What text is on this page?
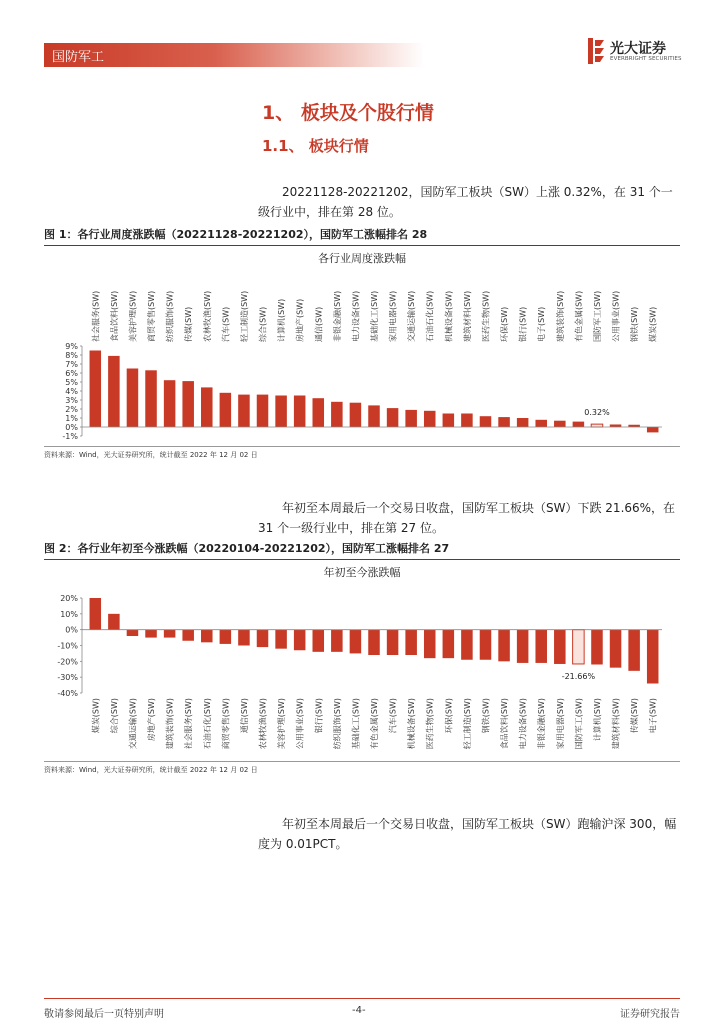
国防军工
光大证券
EVERBRIGHT SECURITIES
1、 板块及个股行情
1.1、 板块行情
20221128-20221202，国防军工板块（SW）上涨 0.32%，在 31 个一级行业中，排在第 28 位。
图 1：各行业周度涨跌幅（20221128-20221202），国防军工涨幅排名 28
各行业周度涨跌幅
9%
8%
7%
6%
5%
4%
3%
2%
1%
0%
-1%
社会服务(SW) 食品饮料(SW) 美容护理(SW) 商贸零售(SW) 纺织服饰(SW) 传媒(SW) 农林牧渔(SW) 汽车(SW) 轻工制造(SW) 综合(SW) 计算机(SW) 房地产(SW) 通信(SW) 非银金融(SW) 电力设备(SW) 基础化工(SW) 家用电器(SW) 交通运输(SW) 石油石化(SW) 机械设备(SW) 建筑材料(SW) 医药生物(SW) 环保(SW) 银行(SW) 电子(SW) 建筑装饰(SW) 有色金属(SW) 国防军工(SW)
0.32%
公用事业(SW) 钢铁(SW) 煤炭(SW)
资料来源：Wind，光大证券研究所，统计截至 2022 年 12 月 02 日
年初至本周最后一个交易日收盘，国防军工板块（SW）下跌 21.66%，在 31 个一级行业中，排在第 27 位。
图 2：各行业年初至今涨跌幅（20220104-20221202），国防军工涨幅排名 27
年初至今涨跌幅
20%
10%
0%
-10%
-20%
-30%
-40%
煤炭(SW) 综合(SW) 交通运输(SW) 房地产(SW) 建筑装饰(SW) 社会服务(SW) 石油石化(SW) 商贸零售(SW) 通信(SW) 农林牧渔(SW) 美容护理(SW) 公用事业(SW) 银行(SW) 纺织服饰(SW) 基础化工(SW) 有色金属(SW) 汽车(SW) 机械设备(SW) 医药生物(SW) 环保(SW) 轻工制造(SW) 钢铁(SW) 食品饮料(SW) 电力设备(SW) 非银金融(SW) 家用电器(SW) 国防军工(SW)
-21.66%
计算机(SW) 建筑材料(SW) 传媒(SW) 电子(SW)
资料来源：Wind，光大证券研究所，统计截至 2022 年 12 月 02 日
年初至本周最后一个交易日收盘，国防军工板块（SW）跑输沪深 300，幅度为 0.01PCT。
敬请参阅最后一页特别声明	-4-	证券研究报告
